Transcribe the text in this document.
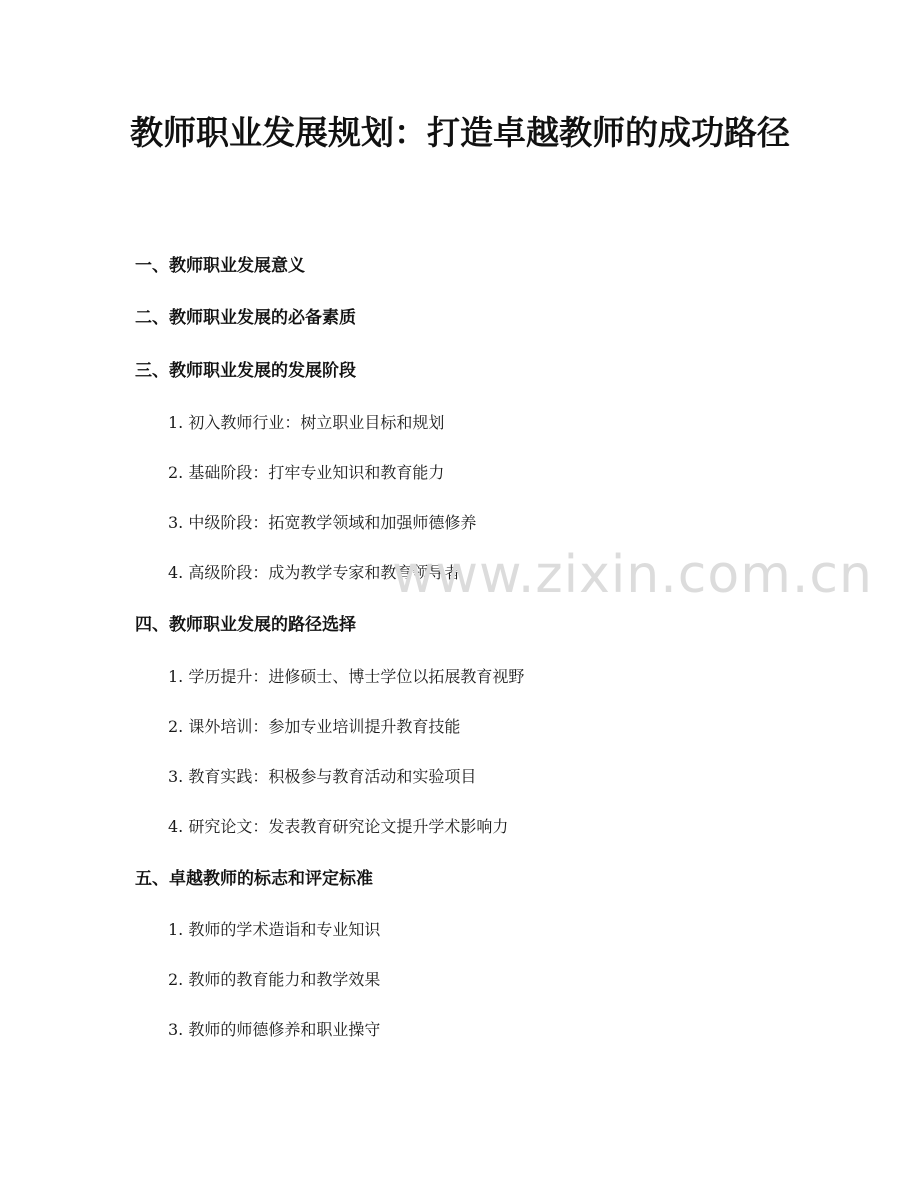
教师职业发展规划：打造卓越教师的成功路径
一、教师职业发展意义
二、教师职业发展的必备素质
三、教师职业发展的发展阶段

1. 初入教师行业：树立职业目标和规划

2. 基础阶段：打牢专业知识和教育能力

3. 中级阶段：拓宽教学领域和加强师德修养

4. 高级阶段：成为教学专家和教育领导者

四、教师职业发展的路径选择

1. 学历提升：进修硕士、博士学位以拓展教育视野

2. 课外培训：参加专业培训提升教育技能

3. 教育实践：积极参与教育活动和实验项目

4. 研究论文：发表教育研究论文提升学术影响力

五、卓越教师的标志和评定标准

1. 教师的学术造诣和专业知识

2. 教师的教育能力和教学效果

3. 教师的师德修养和职业操守

www.zixin.com.cn
